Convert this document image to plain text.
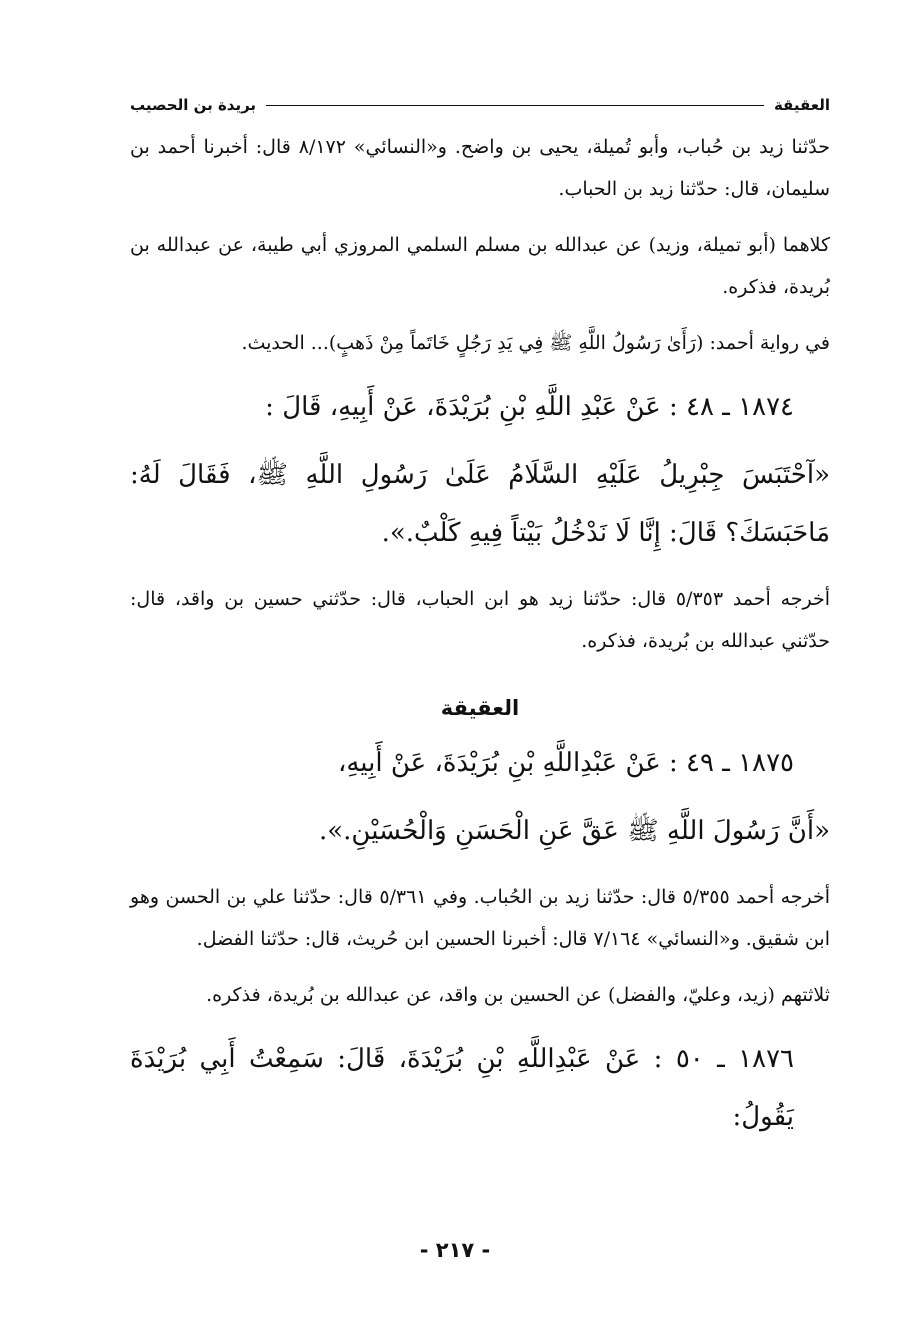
العقيقة
بريدة بن الحصيب

حدّثنا زيد بن حُباب، وأبو تُميلة، يحيى بن واضح. و«النسائي» ٨/١٧٢ قال: أخبرنا أحمد بن سليمان، قال: حدّثنا زيد بن الحباب.

كلاهما (أبو تميلة، وزيد) عن عبدالله بن مسلم السلمي المروزي أبي طيبة، عن عبدالله بن بُريدة، فذكره.

في رواية أحمد: (رَأَىٰ رَسُولُ اللَّهِ ﷺ فِي يَدِ رَجُلٍ خَاتَماً مِنْ ذَهبٍ)... الحديث.

١٨٧٤ ـ ٤٨ : عَنْ عَبْدِ اللَّهِ بْنِ بُرَيْدَةَ، عَنْ أَبِيهِ، قَالَ :

«آحْتَبَسَ جِبْرِيلُ عَلَيْهِ السَّلَامُ عَلَىٰ رَسُولِ اللَّهِ ﷺ، فَقَالَ لَهُ: مَاحَبَسَكَ؟ قَالَ: إِنَّا لَا نَدْخُلُ بَيْتاً فِيهِ كَلْبٌ.».

أخرجه أحمد ٥/٣٥٣ قال: حدّثنا زيد هو ابن الحباب، قال: حدّثني حسين بن واقد، قال: حدّثني عبدالله بن بُريدة، فذكره.

العقيقة

١٨٧٥ ـ ٤٩ : عَنْ عَبْدِاللَّهِ بْنِ بُرَيْدَةَ، عَنْ أَبِيهِ،

«أَنَّ رَسُولَ اللَّهِ ﷺ عَقَّ عَنِ الْحَسَنِ وَالْحُسَيْنِ.».

أخرجه أحمد ٥/٣٥٥ قال: حدّثنا زيد بن الحُباب. وفي ٥/٣٦١ قال: حدّثنا علي بن الحسن وهو ابن شقيق. و«النسائي» ٧/١٦٤ قال: أخبرنا الحسين ابن حُريث، قال: حدّثنا الفضل.

ثلاثتهم (زيد، وعليّ، والفضل) عن الحسين بن واقد، عن عبدالله بن بُريدة، فذكره.

١٨٧٦ ـ ٥٠ : عَنْ عَبْدِاللَّهِ بْنِ بُرَيْدَةَ، قَالَ: سَمِعْتُ أَبِي بُرَيْدَةَ يَقُولُ:

- ٢١٧ -
